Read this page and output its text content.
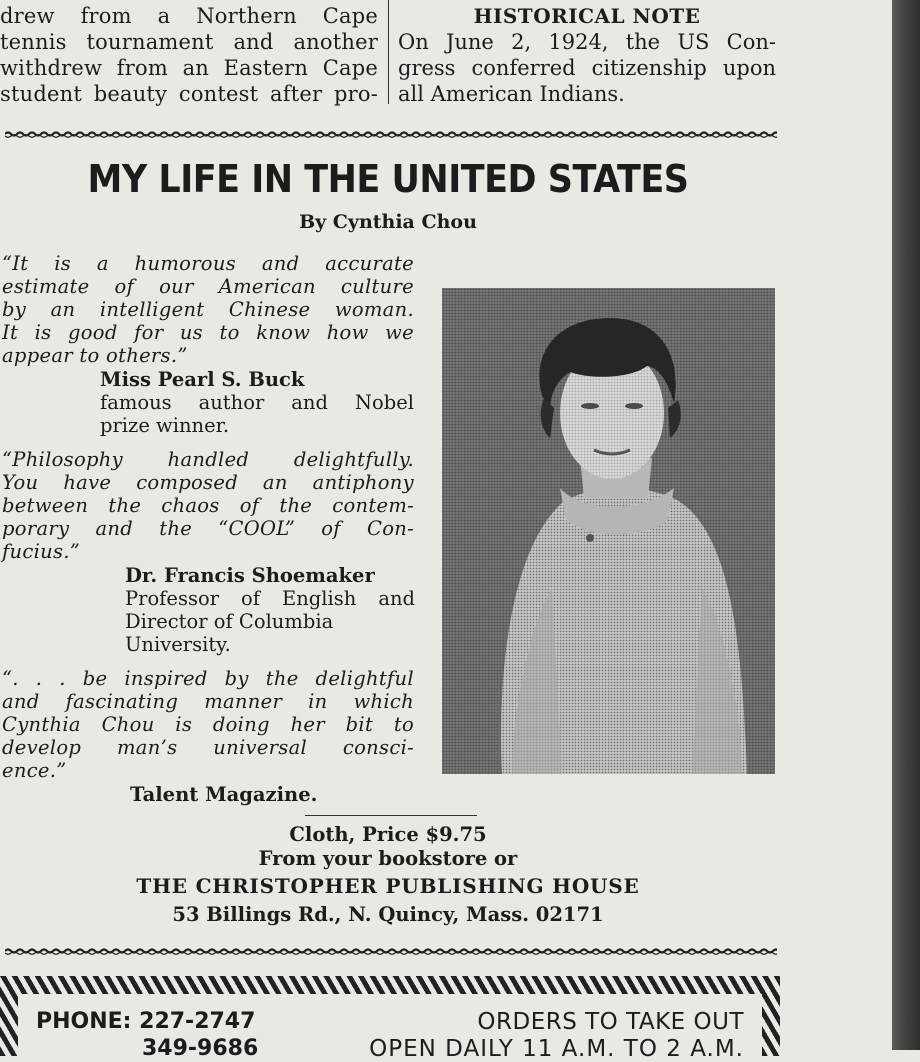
drew from a Northern Cape
tennis tournament and another
withdrew from an Eastern Cape
student beauty contest after pro-
HISTORICAL NOTE
On June 2, 1924, the US Con-
gress conferred citizenship upon
all American Indians.
MY LIFE IN THE UNITED STATES
By Cynthia Chou
“It is a humorous and accurate
estimate of our American culture
by an intelligent Chinese woman.
It is good for us to know how we
appear to others.”
Miss Pearl S. Buck
famous author and Nobel
prize winner.
“Philosophy handled delightfully.
You have composed an antiphony
between the chaos of the contem-
porary and the “COOL” of Con-
fucius.”
Dr. Francis Shoemaker
Professor of English and
Director of Columbia
University.
“. . . be inspired by the delightful
and fascinating manner in which
Cynthia Chou is doing her bit to
develop man’s universal consci-
ence.”
Talent Magazine.
Cloth, Price $9.75
From your bookstore or
THE CHRISTOPHER PUBLISHING HOUSE
53 Billings Rd., N. Quincy, Mass. 02171
PHONE: 227-2747
349-9686
ORDERS TO TAKE OUT
OPEN DAILY 11 A.M. TO 2 A.M.
